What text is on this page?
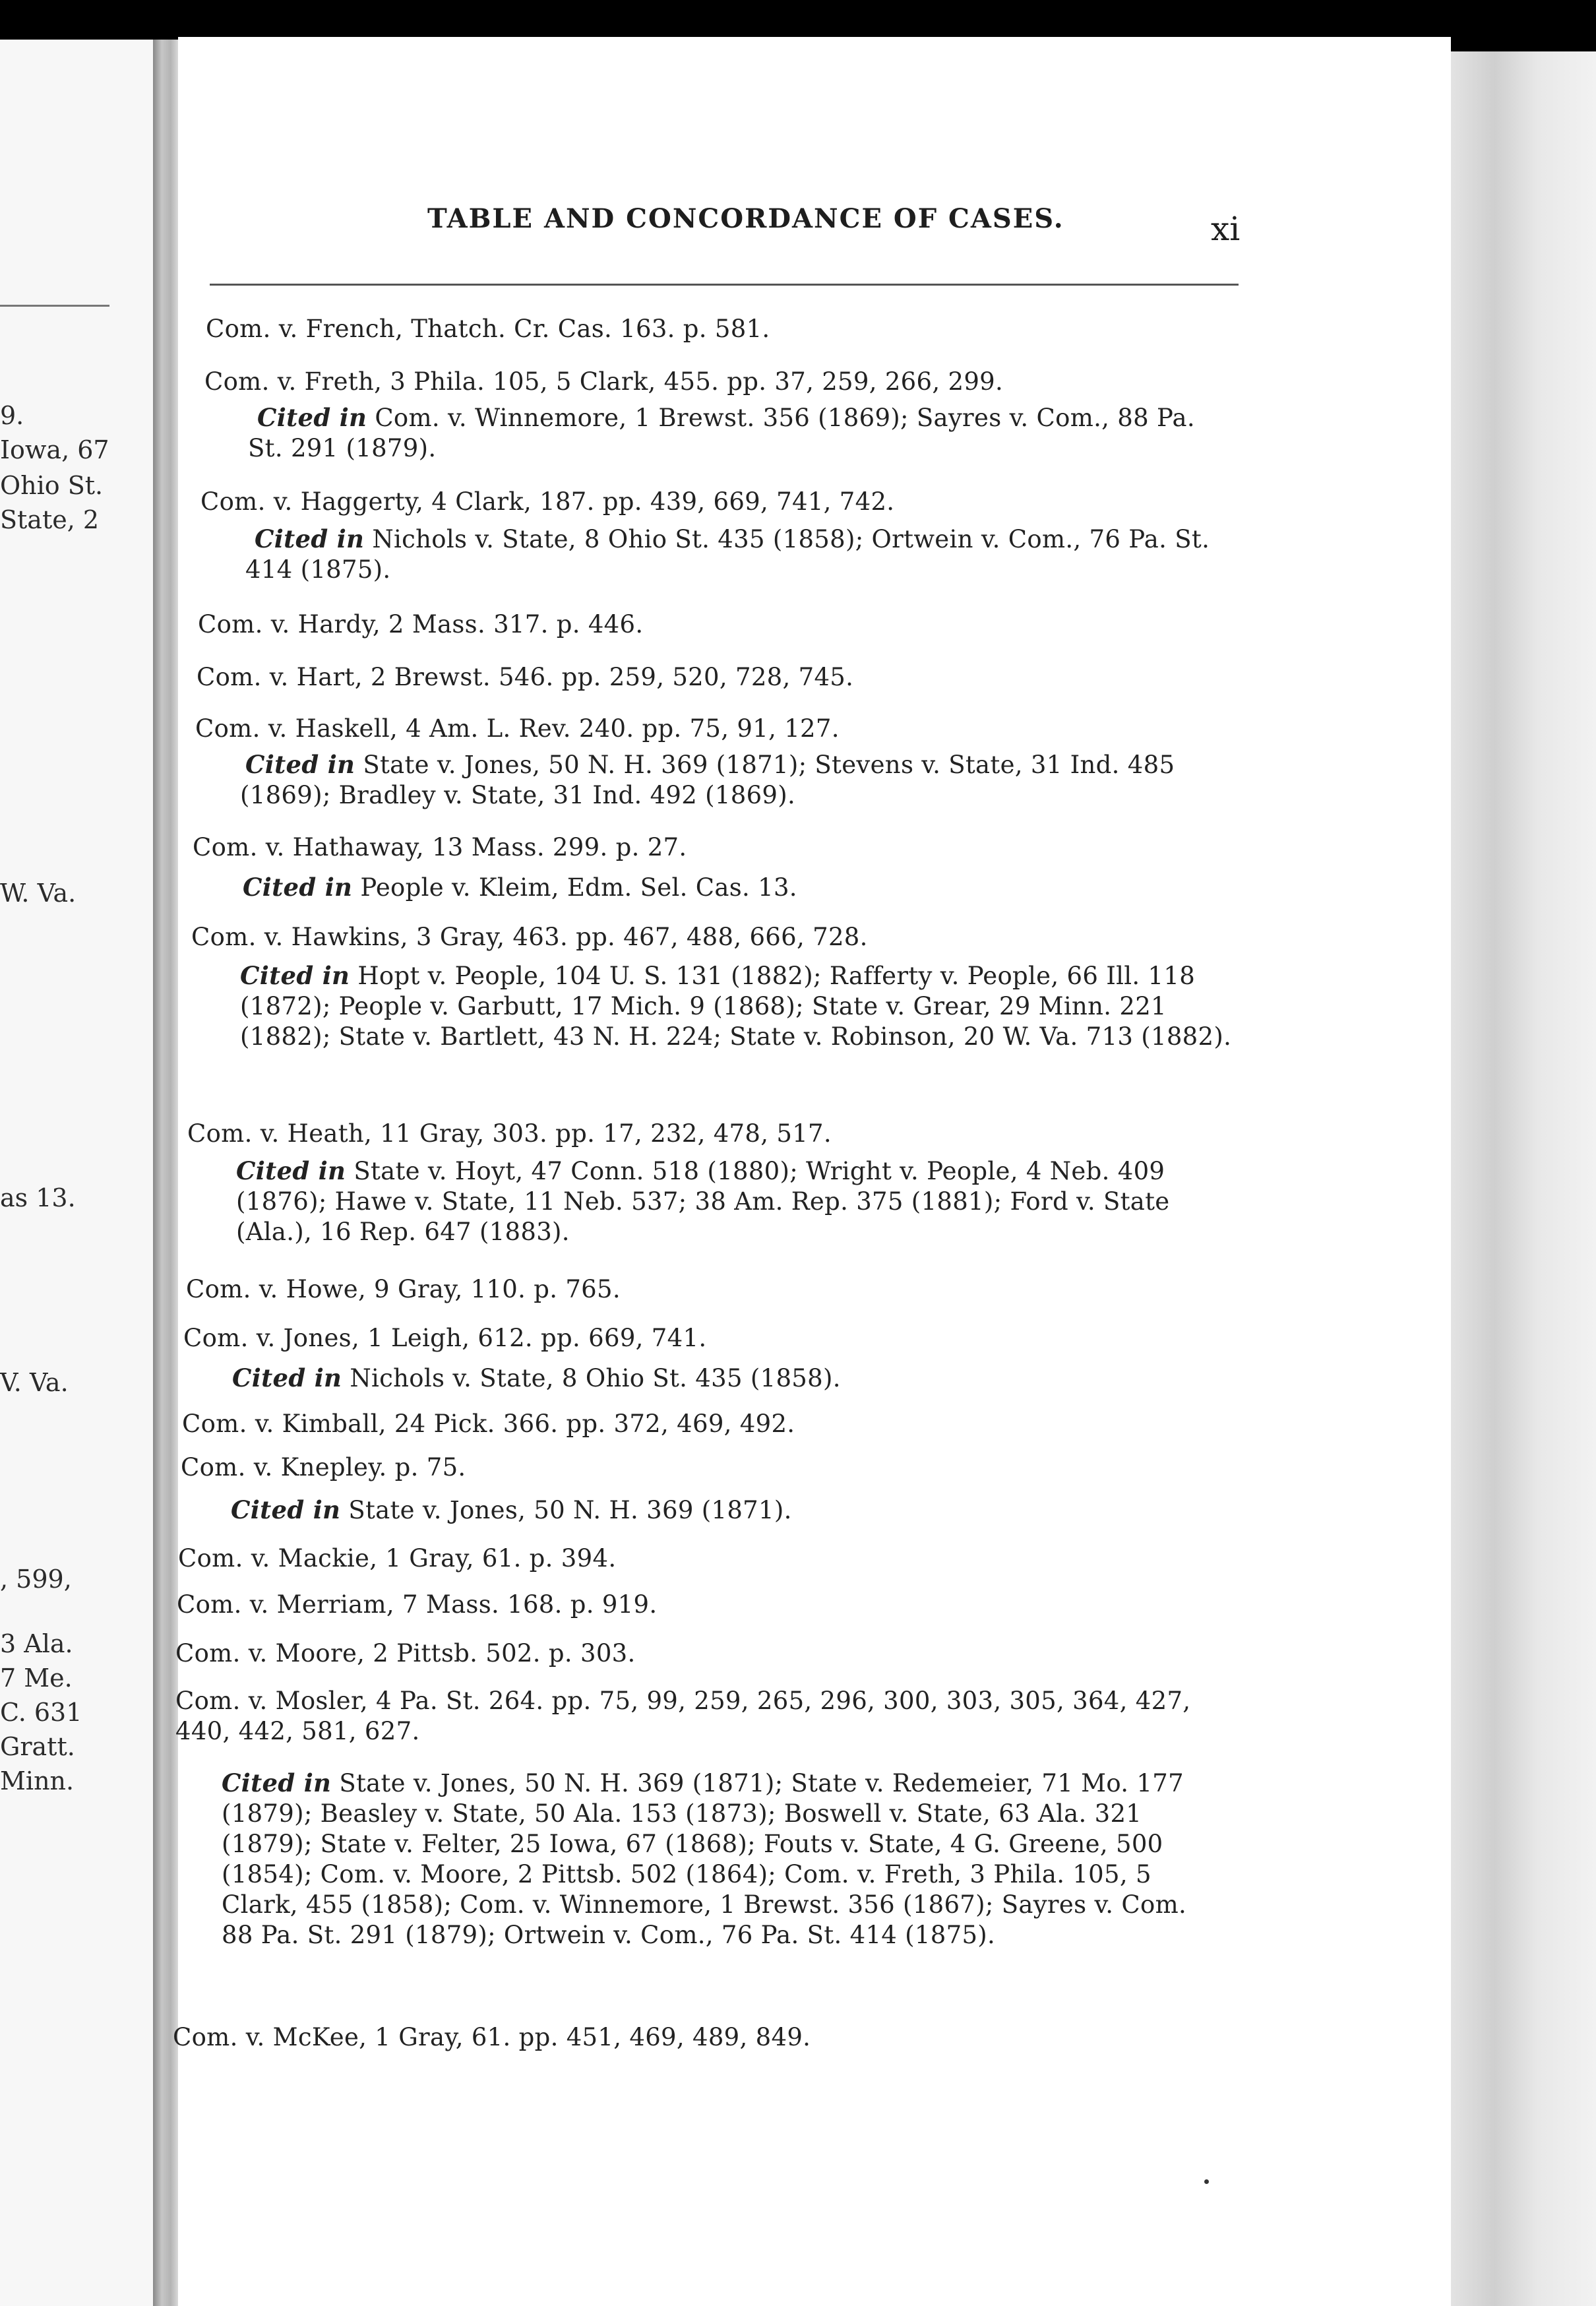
9.
Iowa, 67
Ohio St.
State, 2
W. Va.
as 13.
V. Va.
, 599,
3 Ala.
7 Me.
C. 631
Gratt.
Minn.
TABLE AND CONCORDANCE OF CASES.	xi
Com. v. French, Thatch. Cr. Cas. 163. p. 581.
Com. v. Freth, 3 Phila. 105, 5 Clark, 455. pp. 37, 259, 266, 299.
Cited in Com. v. Winnemore, 1 Brewst. 356 (1869); Sayres v. Com., 88 Pa. St. 291 (1879).
Com. v. Haggerty, 4 Clark, 187. pp. 439, 669, 741, 742.
Cited in Nichols v. State, 8 Ohio St. 435 (1858); Ortwein v. Com., 76 Pa. St. 414 (1875).
Com. v. Hardy, 2 Mass. 317. p. 446.
Com. v. Hart, 2 Brewst. 546. pp. 259, 520, 728, 745.
Com. v. Haskell, 4 Am. L. Rev. 240. pp. 75, 91, 127.
Cited in State v. Jones, 50 N. H. 369 (1871); Stevens v. State, 31 Ind. 485 (1869); Bradley v. State, 31 Ind. 492 (1869).
Com. v. Hathaway, 13 Mass. 299. p. 27.
Cited in People v. Kleim, Edm. Sel. Cas. 13.
Com. v. Hawkins, 3 Gray, 463. pp. 467, 488, 666, 728.
Cited in Hopt v. People, 104 U. S. 131 (1882); Rafferty v. People, 66 Ill. 118 (1872); People v. Garbutt, 17 Mich. 9 (1868); State v. Grear, 29 Minn. 221 (1882); State v. Bartlett, 43 N. H. 224; State v. Robinson, 20 W. Va. 713 (1882).
Com. v. Heath, 11 Gray, 303. pp. 17, 232, 478, 517.
Cited in State v. Hoyt, 47 Conn. 518 (1880); Wright v. People, 4 Neb. 409 (1876); Hawe v. State, 11 Neb. 537; 38 Am. Rep. 375 (1881); Ford v. State (Ala.), 16 Rep. 647 (1883).
Com. v. Howe, 9 Gray, 110. p. 765.
Com. v. Jones, 1 Leigh, 612. pp. 669, 741.
Cited in Nichols v. State, 8 Ohio St. 435 (1858).
Com. v. Kimball, 24 Pick. 366. pp. 372, 469, 492.
Com. v. Knepley. p. 75.
Cited in State v. Jones, 50 N. H. 369 (1871).
Com. v. Mackie, 1 Gray, 61. p. 394.
Com. v. Merriam, 7 Mass. 168. p. 919.
Com. v. Moore, 2 Pittsb. 502. p. 303.
Com. v. Mosler, 4 Pa. St. 264. pp. 75, 99, 259, 265, 296, 300, 303, 305, 364, 427, 440, 442, 581, 627.
Cited in State v. Jones, 50 N. H. 369 (1871); State v. Redemeier, 71 Mo. 177 (1879); Beasley v. State, 50 Ala. 153 (1873); Boswell v. State, 63 Ala. 321 (1879); State v. Felter, 25 Iowa, 67 (1868); Fouts v. State, 4 G. Greene, 500 (1854); Com. v. Moore, 2 Pittsb. 502 (1864); Com. v. Freth, 3 Phila. 105, 5 Clark, 455 (1858); Com. v. Winnemore, 1 Brewst. 356 (1867); Sayres v. Com. 88 Pa. St. 291 (1879); Ortwein v. Com., 76 Pa. St. 414 (1875).
Com. v. McKee, 1 Gray, 61. pp. 451, 469, 489, 849.
